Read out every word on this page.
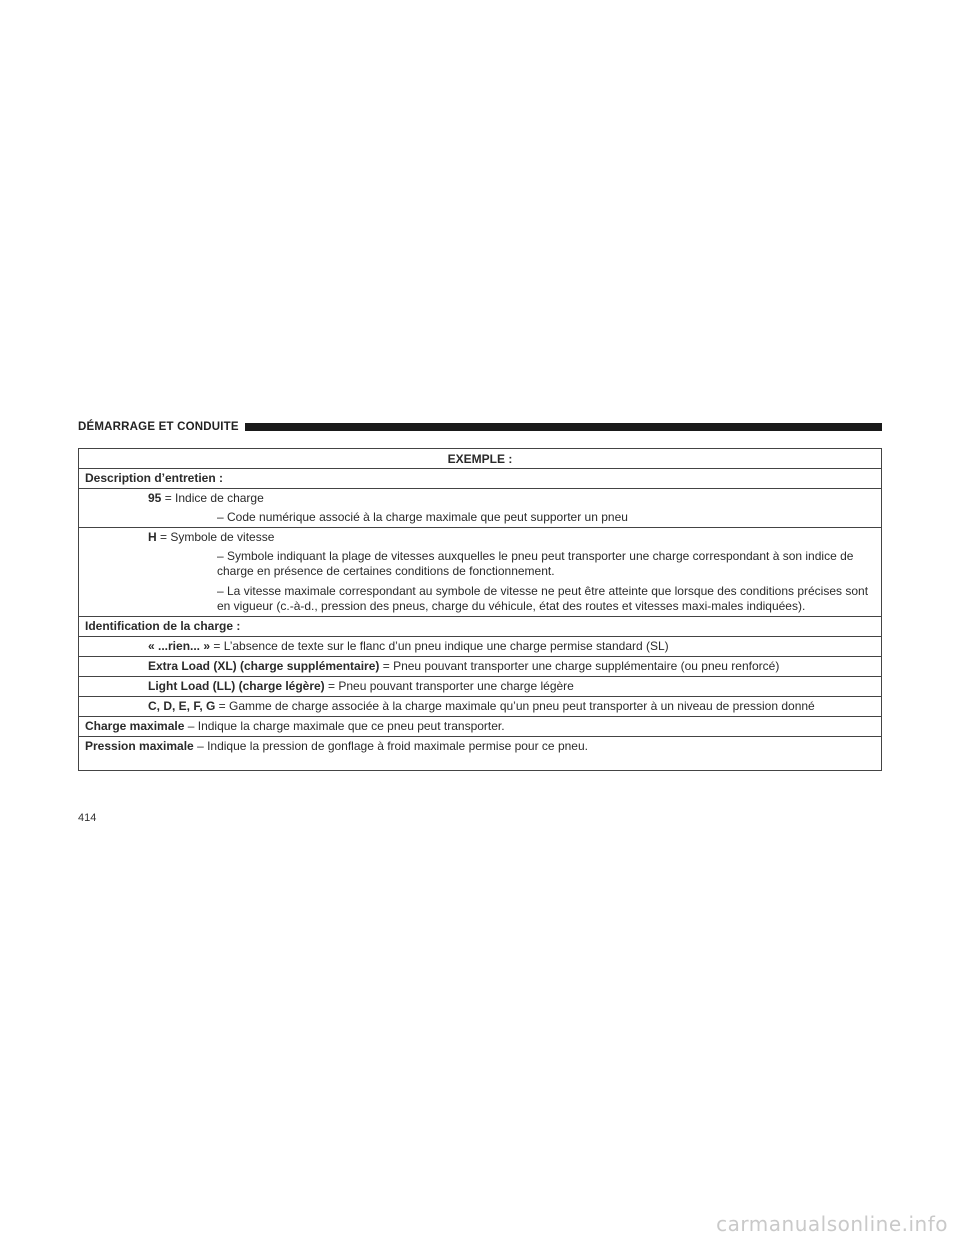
DÉMARRAGE ET CONDUITE
EXEMPLE :
Description d’entretien :
95 = Indice de charge
– Code numérique associé à la charge maximale que peut supporter un pneu
H = Symbole de vitesse
– Symbole indiquant la plage de vitesses auxquelles le pneu peut transporter une charge correspondant à son indice de charge en présence de certaines conditions de fonctionnement.
– La vitesse maximale correspondant au symbole de vitesse ne peut être atteinte que lorsque des conditions précises sont en vigueur (c.-à-d., pression des pneus, charge du véhicule, état des routes et vitesses maxi-males indiquées).
Identification de la charge :
« ...rien... » = L’absence de texte sur le flanc d’un pneu indique une charge permise standard (SL)
Extra Load (XL) (charge supplémentaire) = Pneu pouvant transporter une charge supplémentaire (ou pneu renforcé)
Light Load (LL) (charge légère) = Pneu pouvant transporter une charge légère
C, D, E, F, G = Gamme de charge associée à la charge maximale qu’un pneu peut transporter à un niveau de pression donné
Charge maximale – Indique la charge maximale que ce pneu peut transporter.
Pression maximale – Indique la pression de gonflage à froid maximale permise pour ce pneu.
414
carmanualsonline.info
